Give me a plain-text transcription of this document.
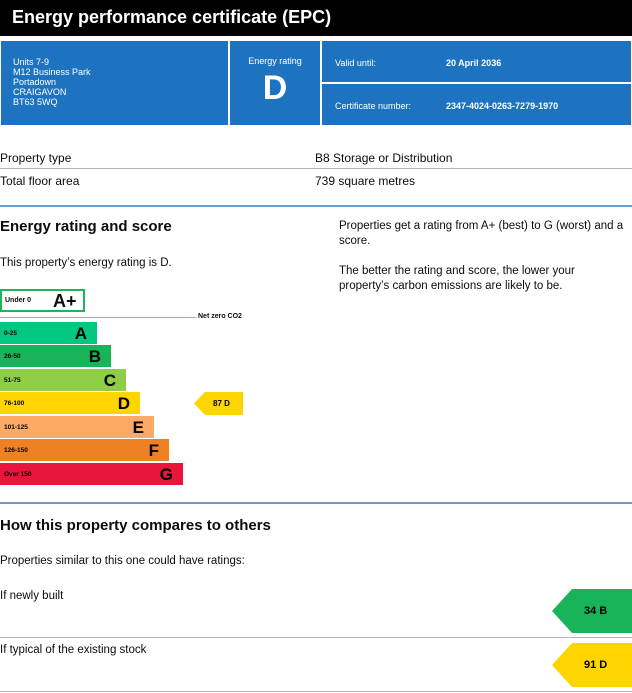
Energy performance certificate (EPC)
Units 7-9
M12 Business Park
Portadown
CRAIGAVON
BT63 5WQ
Energy rating
D
Valid until:	20 April 2036
Certificate number:	2347-4024-0263-7279-1970
Property type	B8 Storage or Distribution
Total floor area	739 square metres
Energy rating and score
This property’s energy rating is D.
Properties get a rating from A+ (best) to G (worst) and a score.
The better the rating and score, the lower your property’s carbon emissions are likely to be.
Under 0 A+
Net zero CO2
0-25	A
26-50	B
51-75	C
76-100	D
101-125	E
126-150	F
Over 150	G
87 D
How this property compares to others
Properties similar to this one could have ratings:
If newly built
34 B
If typical of the existing stock
91 D
